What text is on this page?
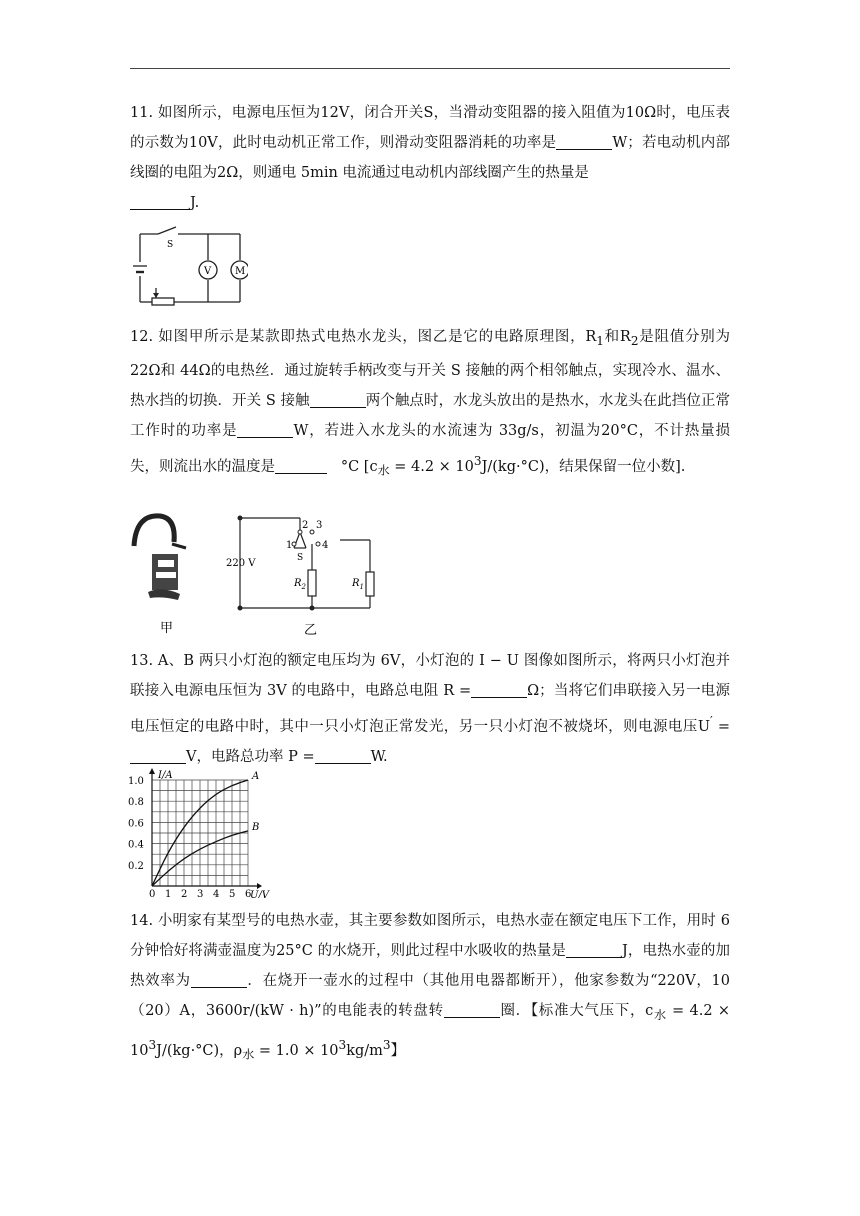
11. 如图所示，电源电压恒为12V，闭合开关S，当滑动变阻器的接入阻值为10Ω时，电压表的示数为10V，此时电动机正常工作，则滑动变阻器消耗的功率是	W；若电动机内部线圈的电阻为2Ω，则通电 5min 电流通过电动机内部线圈产生的热量是
J.

S
V M

12. 如图甲所示是某款即热式电热水龙头，图乙是它的电路原理图，$R_1$和$R_2$是阻值分别为22Ω和 44Ω的电热丝．通过旋转手柄改变与开关 S 接触的两个相邻触点，实现冷水、温水、热水挡的切换．开关 S 接触	两个触点时，水龙头放出的是热水，水龙头在此挡位正常工作时的功率是	W，若进入水龙头的水流速为 33g/s，初温为20°C，不计热量损失，则流出水的温度是	°C [$c_水 = 4.2 \times 10^3J/(kg\cdot^\circ C)$，结果保留一位小数].

甲
220 V
2 3
1	4
S
$R_2$	$R_1$
乙

13. A、B 两只小灯泡的额定电压均为 6V，小灯泡的 I − U 图像如图所示，将两只小灯泡并联接入电源电压恒为 3V 的电路中，电路总电阻 R =	Ω；当将它们串联接入另一电源电压恒定的电路中时，其中一只小灯泡正常发光，另一只小灯泡不被烧坏，则电源电压U′ =V，电路总功率 P =	W.

A
B
0 1 2 3 4 5 6
0.2
0.4
0.6
0.8
1.0
I/A
U/V

14. 小明家有某型号的电热水壶，其主要参数如图所示，电热水壶在额定电压下工作，用时 6 分钟恰好将满壶温度为25°C 的水烧开，则此过程中水吸收的热量是	J，电热水壶的加热效率为	．在烧开一壶水的过程中（其他用电器都断开），他家参数为“220V，10（20）A，3600r/(kW · h)”的电能表的转盘转	圈．【标准大气压下，$c_水 = 4.2 \times 10^3J/(kg\cdot^\circ C)$，$\rho_水 = 1.0 \times 10^3kg/m^3$】
